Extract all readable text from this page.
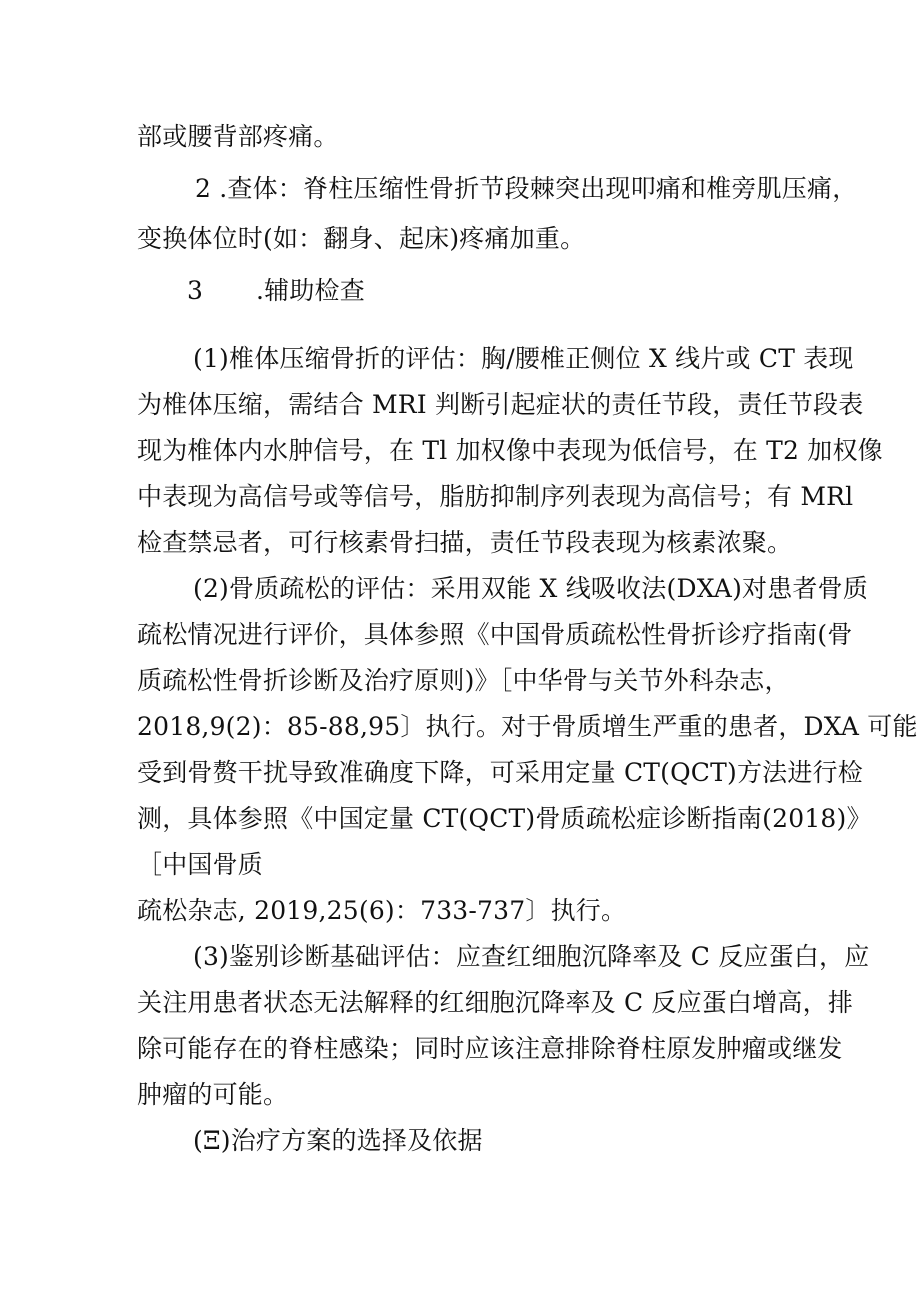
部或腰背部疼痛。
2 .查体：脊柱压缩性骨折节段棘突出现叩痛和椎旁肌压痛，
变换体位时(如：翻身、起床)疼痛加重。
3 .辅助检查
(1)椎体压缩骨折的评估：胸/腰椎正侧位 X 线片或 CT 表现
为椎体压缩，需结合 MRI 判断引起症状的责任节段，责任节段表
现为椎体内水肿信号，在 Tl 加权像中表现为低信号，在 T2 加权像
中表现为高信号或等信号，脂肪抑制序列表现为高信号；有 MRl
检查禁忌者，可行核素骨扫描，责任节段表现为核素浓聚。
(2)骨质疏松的评估：采用双能 X 线吸收法(DXA)对患者骨质
疏松情况进行评价，具体参照《中国骨质疏松性骨折诊疗指南(骨
质疏松性骨折诊断及治疗原则)》［中华骨与关节外科杂志，
2018,9(2)：85-88,95〕执行。对于骨质增生严重的患者，DXA 可能
受到骨赘干扰导致准确度下降，可采用定量 CT(QCT)方法进行检
测，具体参照《中国定量 CT(QCT)骨质疏松症诊断指南(2018)》
［中国骨质
疏松杂志, 2019,25(6)：733-737〕执行。
(3)鉴别诊断基础评估：应查红细胞沉降率及 C 反应蛋白，应
关注用患者状态无法解释的红细胞沉降率及 C 反应蛋白增高，排
除可能存在的脊柱感染；同时应该注意排除脊柱原发肿瘤或继发
肿瘤的可能。
(Ξ)治疗方案的选择及依据
